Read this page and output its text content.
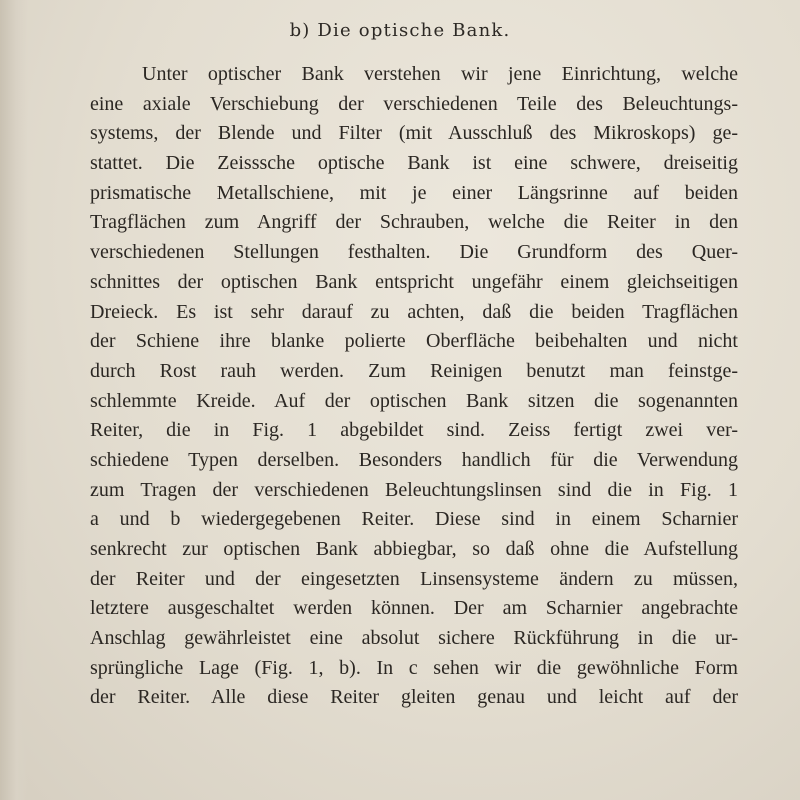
b) Die optische Bank.
Unter optischer Bank verstehen wir jene Einrichtung, welche
eine axiale Verschiebung der verschiedenen Teile des Beleuchtungs-
systems, der Blende und Filter (mit Ausschluß des Mikroskops) ge-
stattet. Die Zeisssche optische Bank ist eine schwere, dreiseitig
prismatische Metallschiene, mit je einer Längsrinne auf beiden
Tragflächen zum Angriff der Schrauben, welche die Reiter in den
verschiedenen Stellungen festhalten. Die Grundform des Quer-
schnittes der optischen Bank entspricht ungefähr einem gleichseitigen
Dreieck. Es ist sehr darauf zu achten, daß die beiden Tragflächen
der Schiene ihre blanke polierte Oberfläche beibehalten und nicht
durch Rost rauh werden. Zum Reinigen benutzt man feinstge-
schlemmte Kreide. Auf der optischen Bank sitzen die sogenannten
Reiter, die in Fig. 1 abgebildet sind. Zeiss fertigt zwei ver-
schiedene Typen derselben. Besonders handlich für die Verwendung
zum Tragen der verschiedenen Beleuchtungslinsen sind die in Fig. 1
a und b wiedergegebenen Reiter. Diese sind in einem Scharnier
senkrecht zur optischen Bank abbiegbar, so daß ohne die Aufstellung
der Reiter und der eingesetzten Linsensysteme ändern zu müssen,
letztere ausgeschaltet werden können. Der am Scharnier angebrachte
Anschlag gewährleistet eine absolut sichere Rückführung in die ur-
sprüngliche Lage (Fig. 1, b). In c sehen wir die gewöhnliche Form
der Reiter. Alle diese Reiter gleiten genau und leicht auf der
